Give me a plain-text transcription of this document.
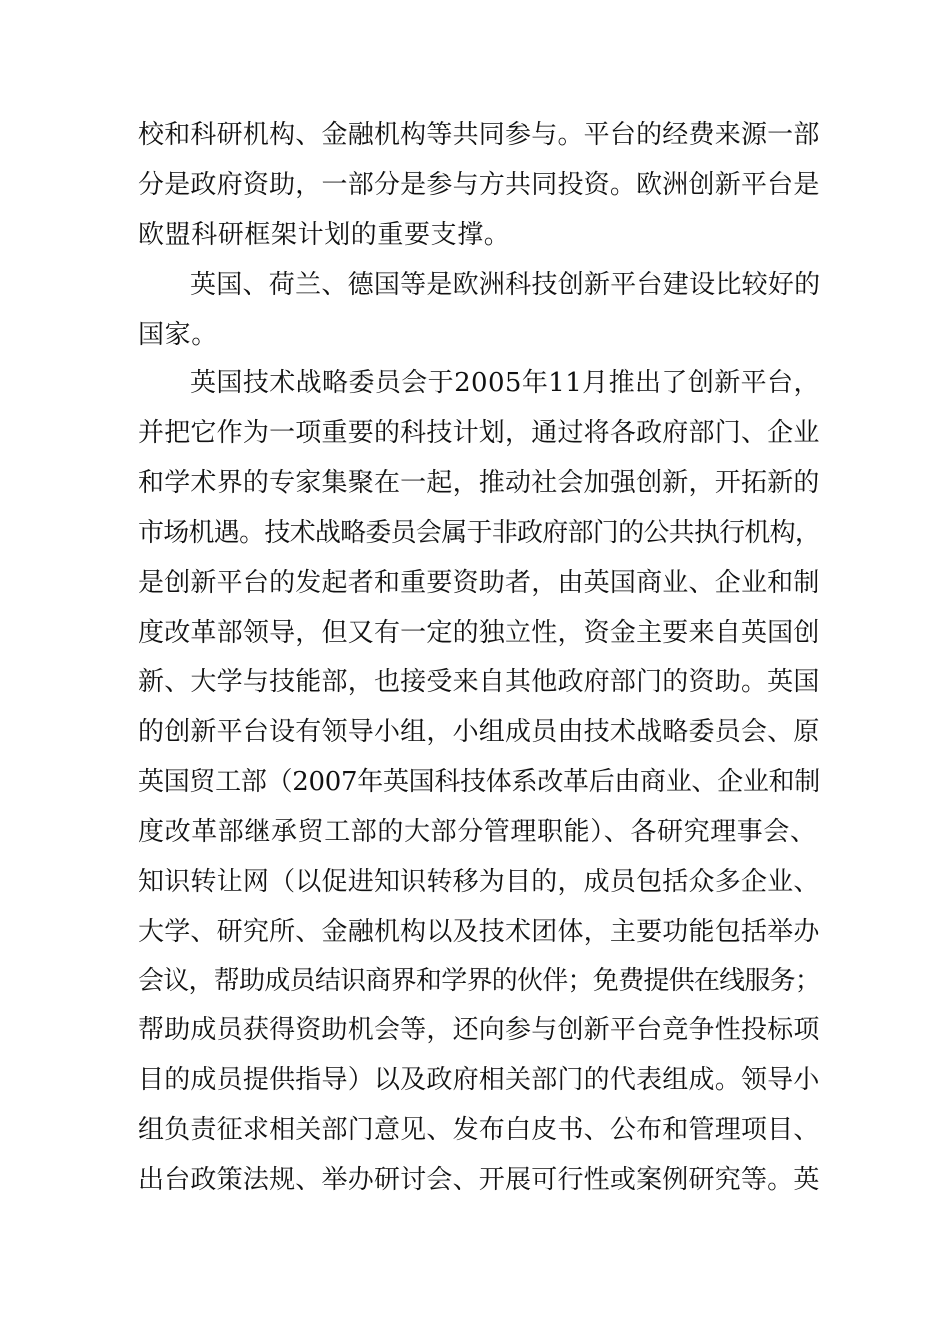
校和科研机构、金融机构等共同参与。平台的经费来源一部
分是政府资助，一部分是参与方共同投资。欧洲创新平台是
欧盟科研框架计划的重要支撑。
英国、荷兰、德国等是欧洲科技创新平台建设比较好的
国家。
英国技术战略委员会于2005年11月推出了创新平台，
并把它作为一项重要的科技计划，通过将各政府部门、企业
和学术界的专家集聚在一起，推动社会加强创新，开拓新的
市场机遇。技术战略委员会属于非政府部门的公共执行机构，
是创新平台的发起者和重要资助者，由英国商业、企业和制
度改革部领导，但又有一定的独立性，资金主要来自英国创
新、大学与技能部，也接受来自其他政府部门的资助。英国
的创新平台设有领导小组，小组成员由技术战略委员会、原
英国贸工部（2007年英国科技体系改革后由商业、企业和制
度改革部继承贸工部的大部分管理职能）、各研究理事会、
知识转让网（以促进知识转移为目的，成员包括众多企业、
大学、研究所、金融机构以及技术团体，主要功能包括举办
会议，帮助成员结识商界和学界的伙伴；免费提供在线服务；
帮助成员获得资助机会等，还向参与创新平台竞争性投标项
目的成员提供指导）以及政府相关部门的代表组成。领导小
组负责征求相关部门意见、发布白皮书、公布和管理项目、
出台政策法规、举办研讨会、开展可行性或案例研究等。英
